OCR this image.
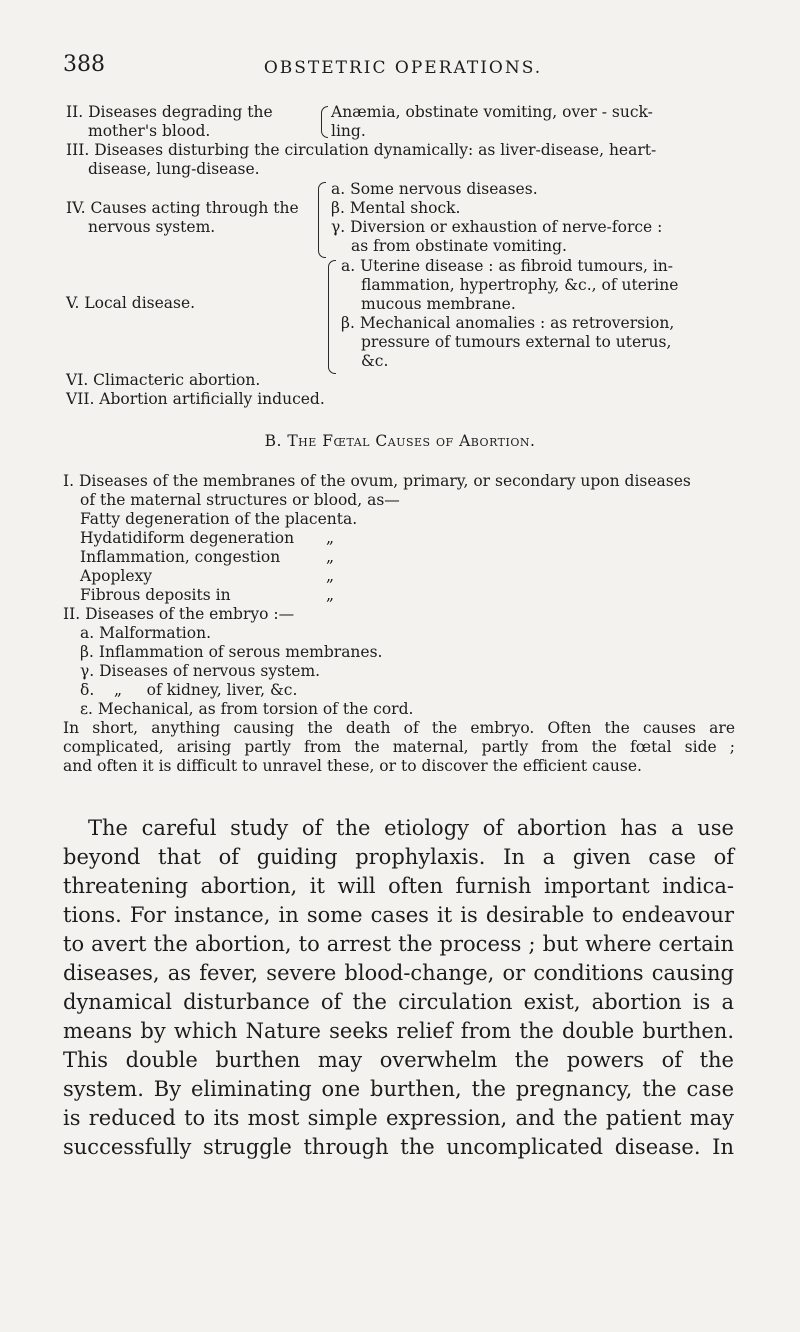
388	OBSTETRIC OPERATIONS.
II. Diseases degrading the
mother's blood.
Anæmia, obstinate vomiting, over - suck-
ling.
III. Diseases disturbing the circulation dynamically: as liver-disease, heart-
disease, lung-disease.
IV. Causes acting through the
nervous system.
a. Some nervous diseases.
β. Mental shock.
γ. Diversion or exhaustion of nerve-force :
as from obstinate vomiting.
V. Local disease.
a. Uterine disease : as fibroid tumours, in-
flammation, hypertrophy, &c., of uterine
mucous membrane.
β. Mechanical anomalies : as retroversion,
pressure of tumours external to uterus,
&c.
VI. Climacteric abortion.
VII. Abortion artificially induced.
B. The Fœtal Causes of Abortion.
I. Diseases of the membranes of the ovum, primary, or secondary upon diseases
of the maternal structures or blood, as—
Fatty degeneration of the placenta.
Hydatidiform degeneration „
Inflammation, congestion	„
Apoplexy	„
Fibrous deposits in	„
II. Diseases of the embryo :—
a. Malformation.
β. Inflammation of serous membranes.
γ. Diseases of nervous system.
δ.    „     of kidney, liver, &c.
ε. Mechanical, as from torsion of the cord.
In short, anything causing the death of the embryo. Often the causes are
complicated, arising partly from the maternal, partly from the fœtal side ;
and often it is difficult to unravel these, or to discover the efficient cause.
The careful study of the etiology of abortion has a use
beyond that of guiding prophylaxis. In a given case of
threatening abortion, it will often furnish important indica-
tions. For instance, in some cases it is desirable to endeavour
to avert the abortion, to arrest the process ; but where certain
diseases, as fever, severe blood-change, or conditions causing
dynamical disturbance of the circulation exist, abortion is a
means by which Nature seeks relief from the double burthen.
This double burthen may overwhelm the powers of the
system. By eliminating one burthen, the pregnancy, the case
is reduced to its most simple expression, and the patient may
successfully struggle through the uncomplicated disease. In
